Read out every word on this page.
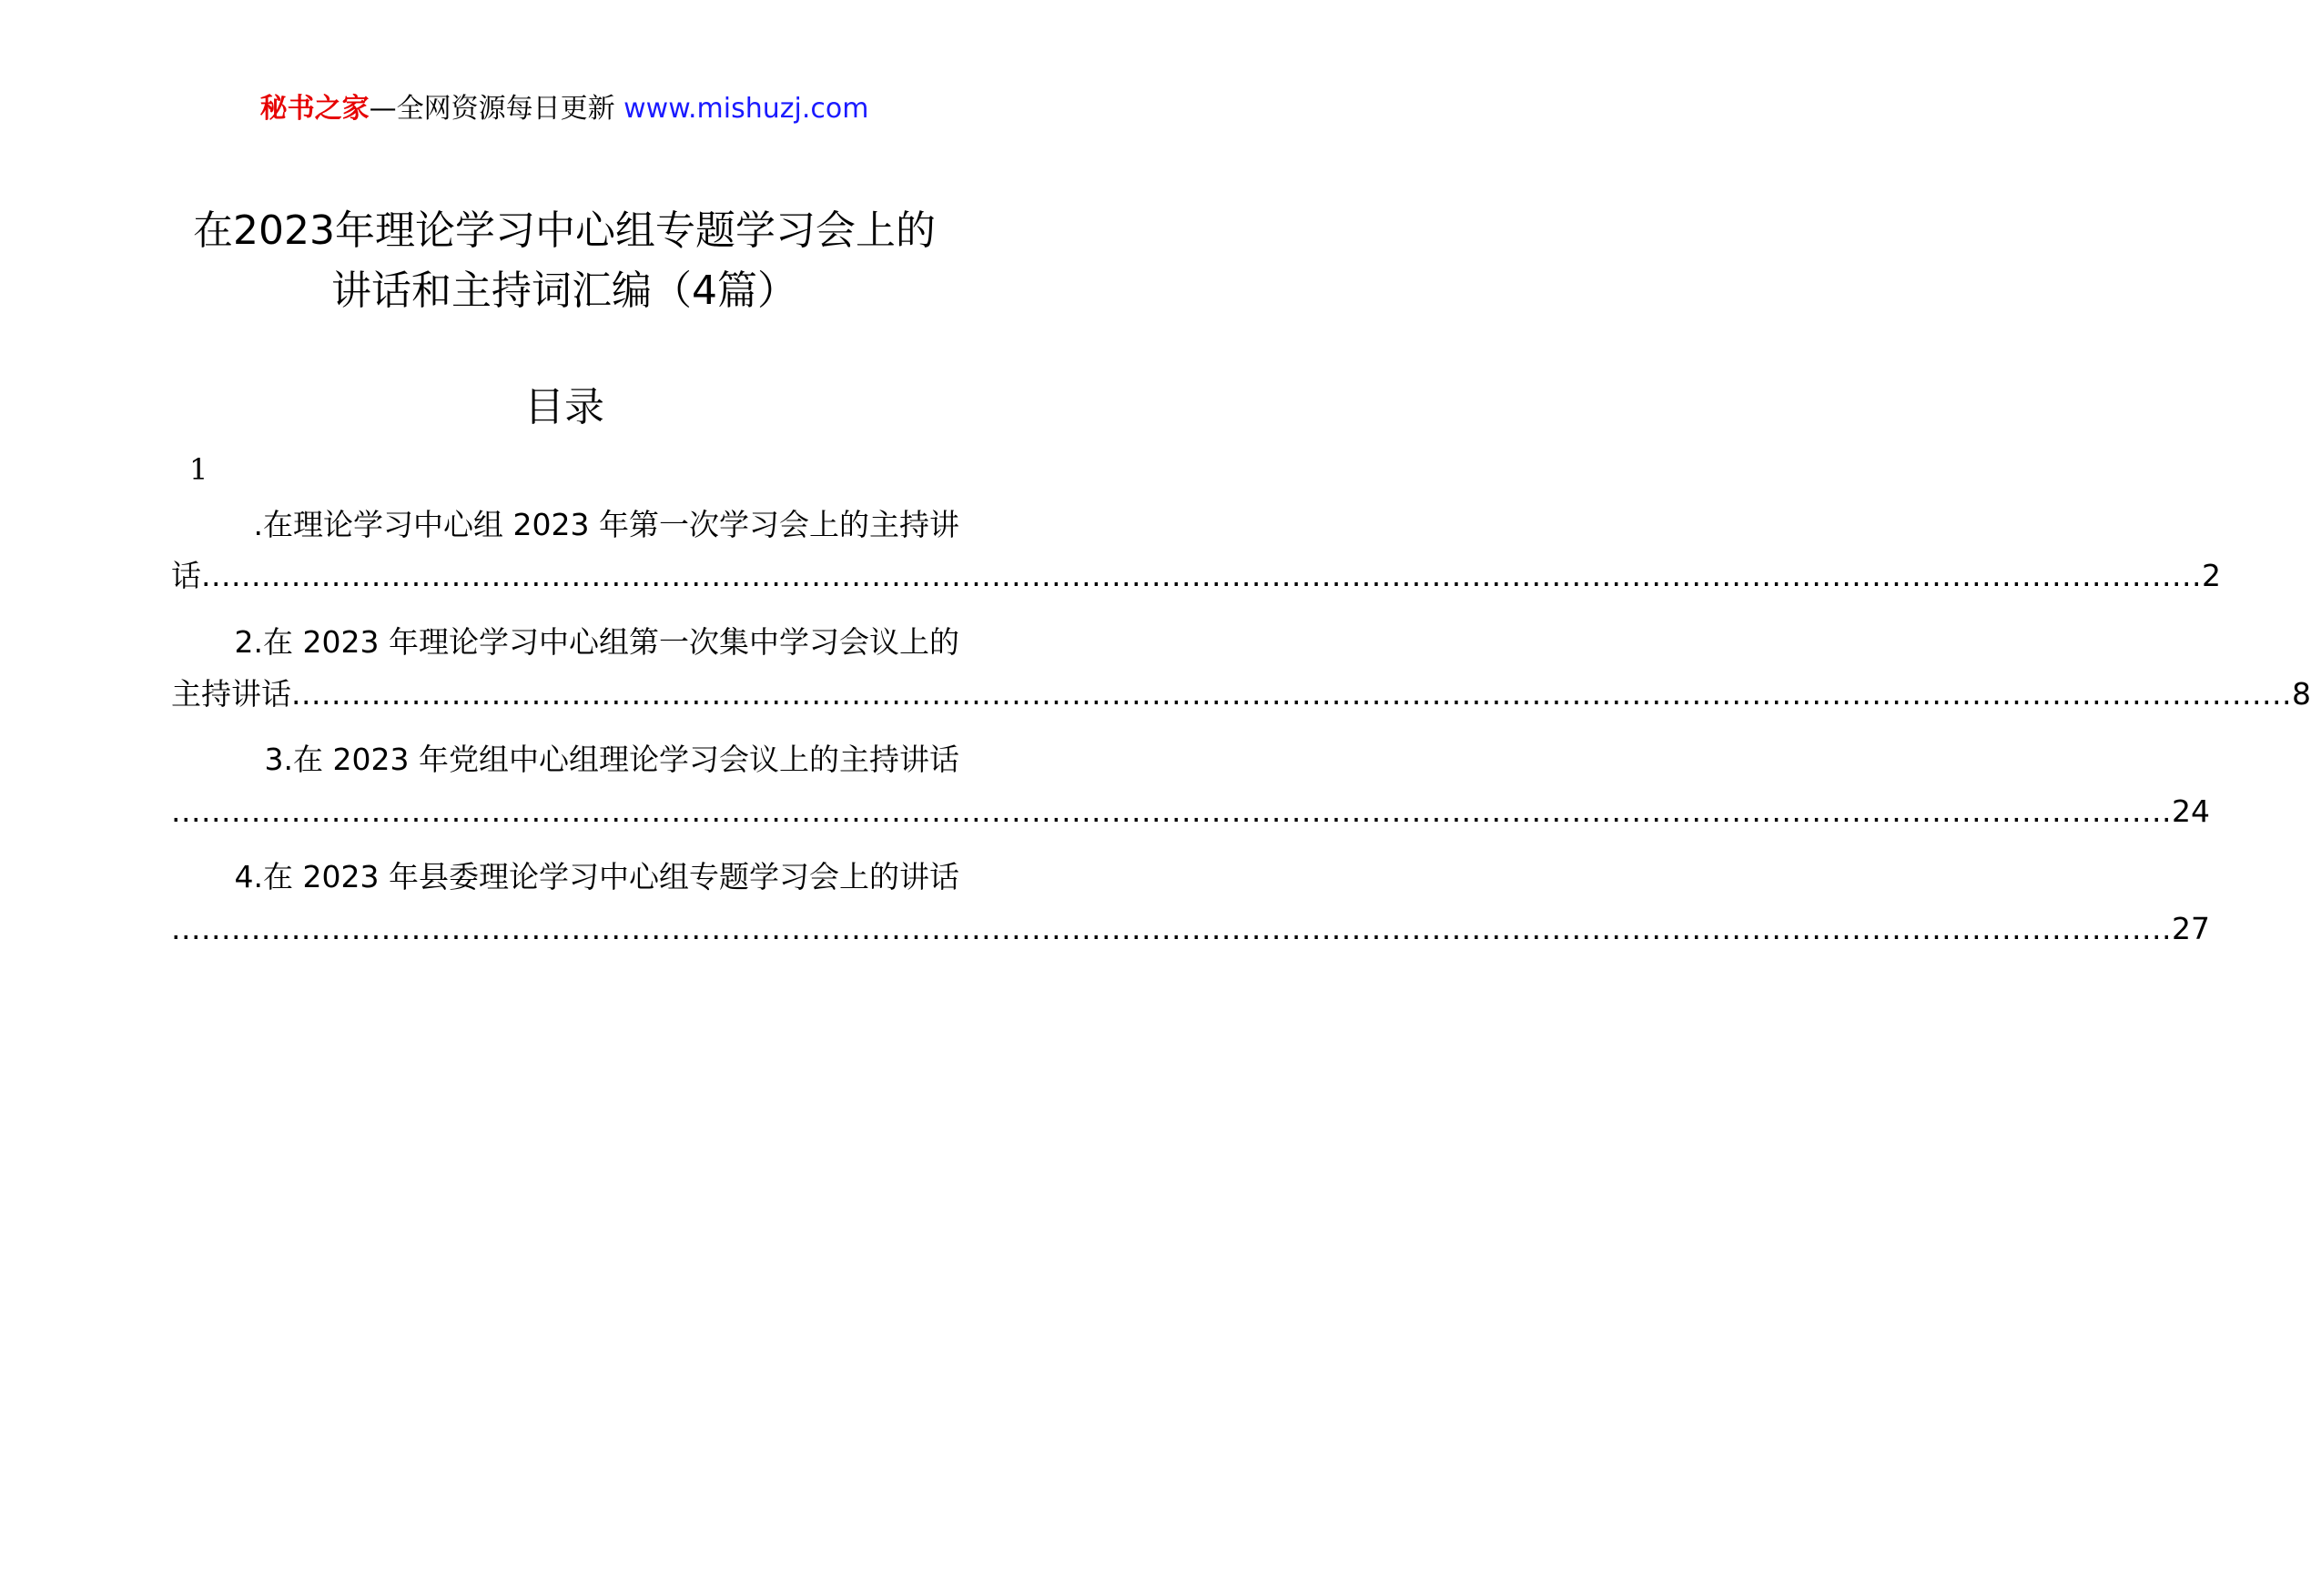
秘书之家—全网资源每日更新 www.mishuzj.com
在2023年理论学习中心组专题学习会上的
讲话和主持词汇编（4篇）
目录
1
.在理论学习中心组 2023 年第一次学习会上的主持讲
话 ........................................................................................................................................................................................................ 2
2.在 2023 年理论学习中心组第一次集中学习会议上的
主持讲话 ........................................................................................................................................................................................................ 8
3.在 2023 年党组中心组理论学习会议上的主持讲话
........................................................................................................................................................................................................ 24
4.在 2023 年县委理论学习中心组专题学习会上的讲话
........................................................................................................................................................................................................ 27
